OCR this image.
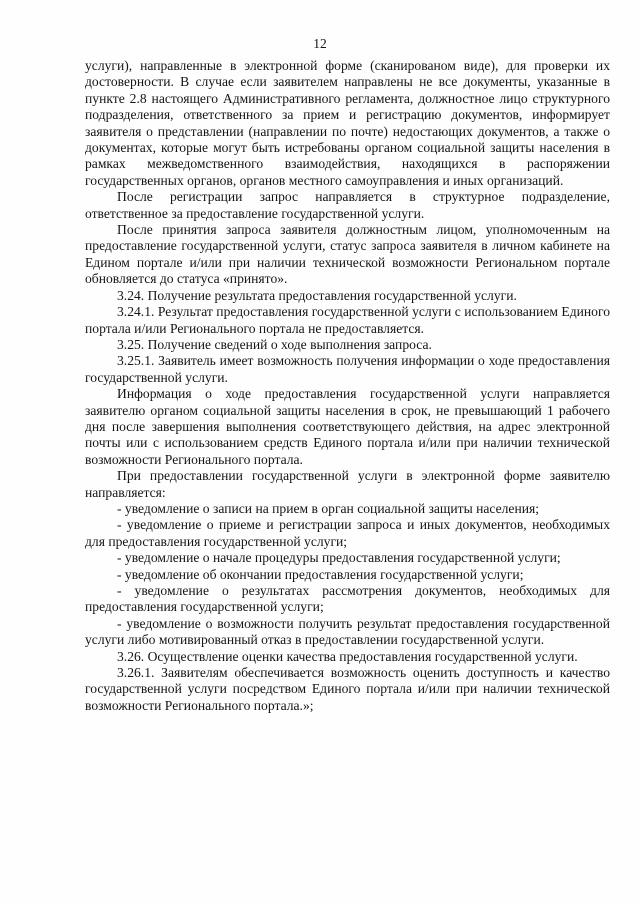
12

услуги), направленные в электронной форме (сканированом виде), для проверки их достоверности. В случае если заявителем направлены не все документы, указанные в пункте 2.8 настоящего Административного регламента, должностное лицо структурного подразделения, ответственного за прием и регистрацию документов, информирует заявителя о представлении (направлении по почте) недостающих документов, а также о документах, которые могут быть истребованы органом социальной защиты населения в рамках межведомственного взаимодействия, находящихся в распоряжении государственных органов, органов местного самоуправления и иных организаций.

После регистрации запрос направляется в структурное подразделение, ответственное за предоставление государственной услуги.

После принятия запроса заявителя должностным лицом, уполномоченным на предоставление государственной услуги, статус запроса заявителя в личном кабинете на Едином портале и/или при наличии технической возможности Региональном портале обновляется до статуса «принято».

3.24. Получение результата предоставления государственной услуги.

3.24.1. Результат предоставления государственной услуги с использованием Единого портала и/или Регионального портала не предоставляется.

3.25. Получение сведений о ходе выполнения запроса.

3.25.1. Заявитель имеет возможность получения информации о ходе предоставления государственной услуги.

Информация о ходе предоставления государственной услуги направляется заявителю органом социальной защиты населения в срок, не превышающий 1 рабочего дня после завершения выполнения соответствующего действия, на адрес электронной почты или с использованием средств Единого портала и/или при наличии технической возможности Регионального портала.

При предоставлении государственной услуги в электронной форме заявителю направляется:

- уведомление о записи на прием в орган социальной защиты населения;

- уведомление о приеме и регистрации запроса и иных документов, необходимых для предоставления государственной услуги;

- уведомление о начале процедуры предоставления государственной услуги;

- уведомление об окончании предоставления государственной услуги;

- уведомление о результатах рассмотрения документов, необходимых для предоставления государственной услуги;

- уведомление о возможности получить результат предоставления государственной услуги либо мотивированный отказ в предоставлении государственной услуги.

3.26. Осуществление оценки качества предоставления государственной услуги.

3.26.1. Заявителям обеспечивается возможность оценить доступность и качество государственной услуги посредством Единого портала и/или при наличии технической возможности Регионального портала.»;
